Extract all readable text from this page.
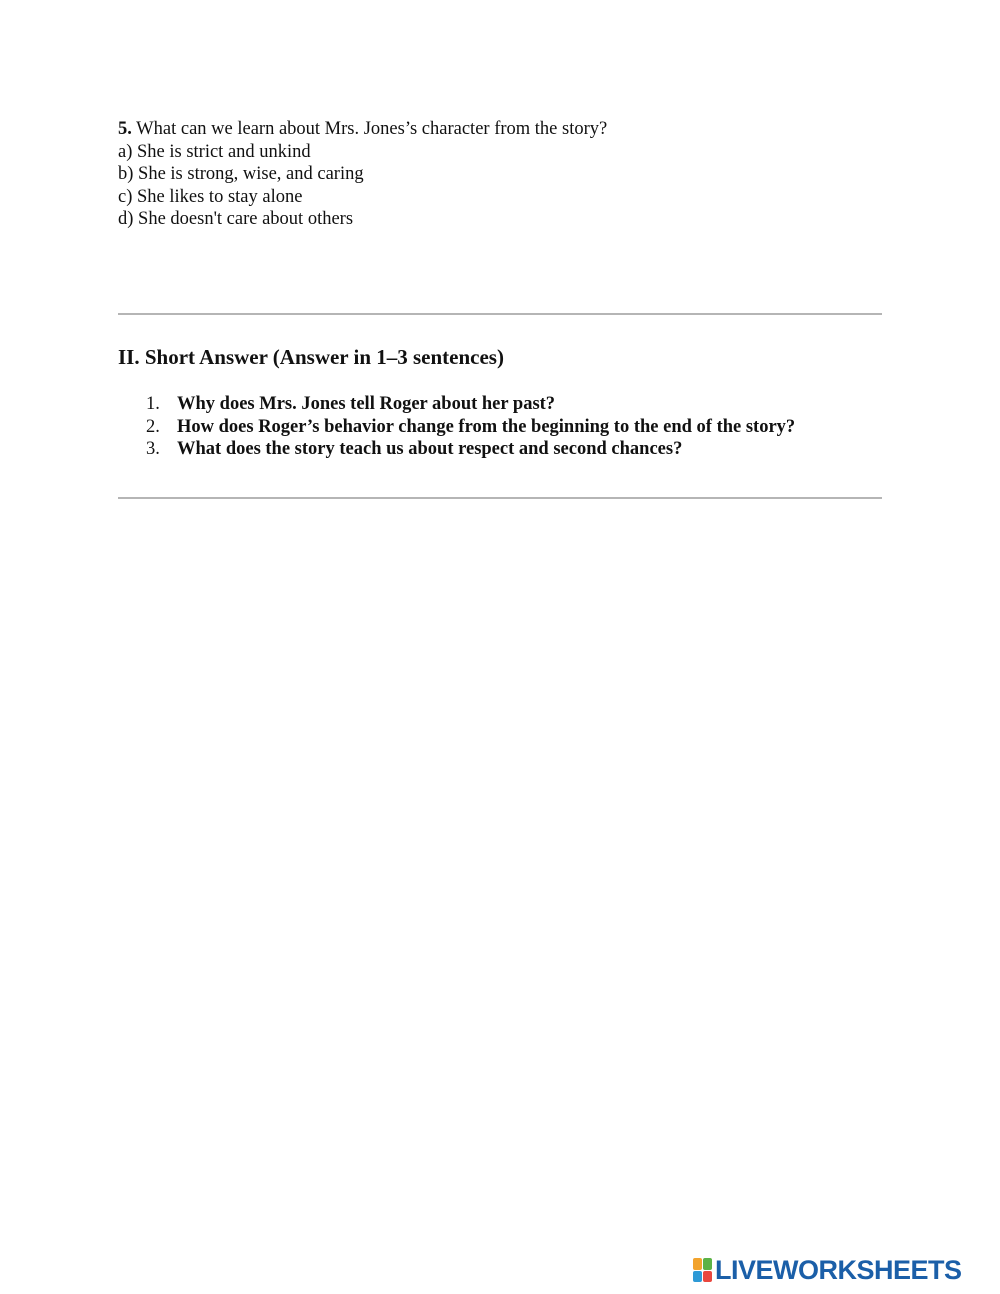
5. What can we learn about Mrs. Jones’s character from the story?
a) She is strict and unkind
b) She is strong, wise, and caring
c) She likes to stay alone
d) She doesn't care about others
II. Short Answer (Answer in 1–3 sentences)
1. Why does Mrs. Jones tell Roger about her past?
2. How does Roger’s behavior change from the beginning to the end of the story?
3. What does the story teach us about respect and second chances?
LIVEWORKSHEETS
